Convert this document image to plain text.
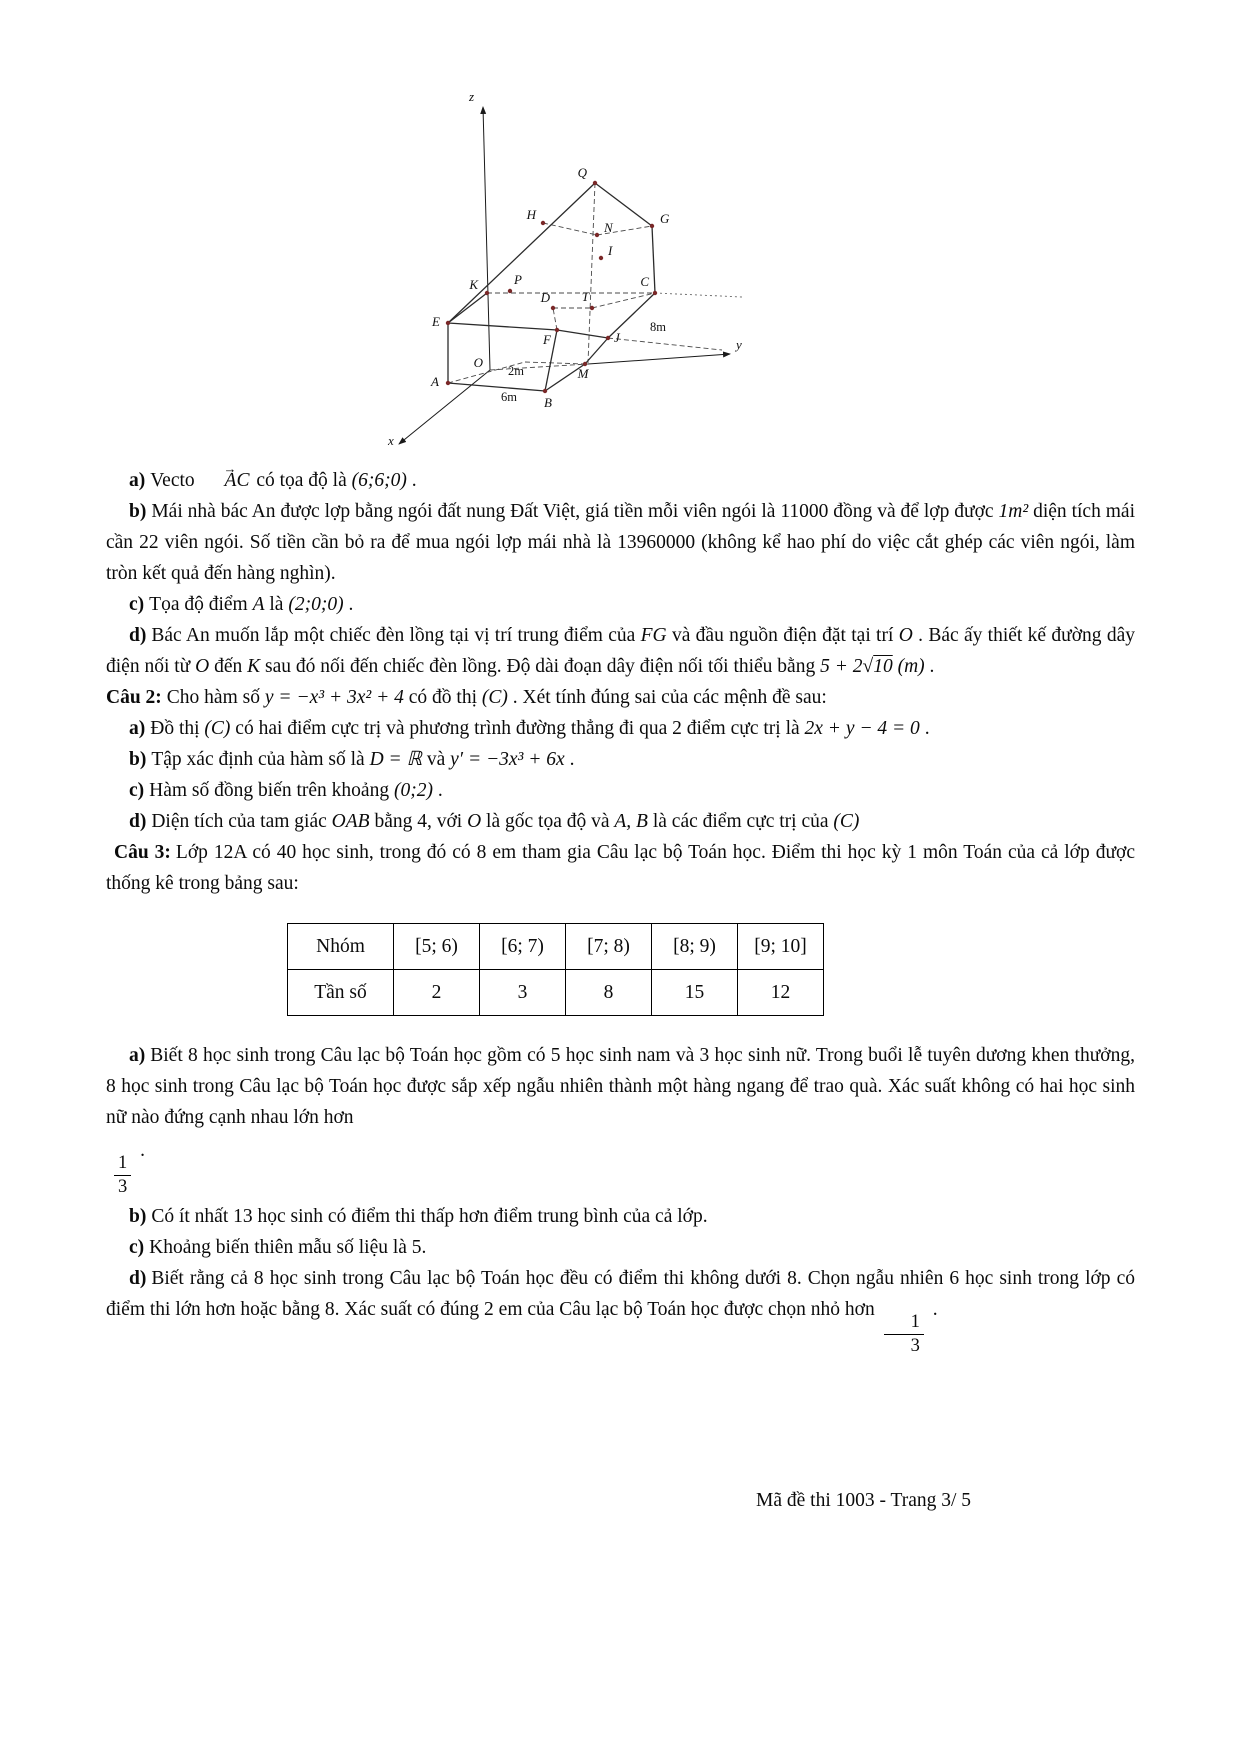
z
x
y
Q
H
N
G
I
K	P	C
D T
E
F	J
O
M
A
B
2m
6m
8m

a) Vecto → AC có tọa độ là (6;6;0) .

b) Mái nhà bác An được lợp bằng ngói đất nung Đất Việt, giá tiền mỗi viên ngói là 11000 đồng và để lợp được 1m² diện tích mái cần 22 viên ngói. Số tiền cần bỏ ra để mua ngói lợp mái nhà là 13960000 (không kể hao phí do việc cắt ghép các viên ngói, làm tròn kết quả đến hàng nghìn).

c) Tọa độ điểm A là (2;0;0) .

d) Bác An muốn lắp một chiếc đèn lồng tại vị trí trung điểm của FG và đầu nguồn điện đặt tại trí O . Bác ấy thiết kế đường dây điện nối từ O đến K sau đó nối đến chiếc đèn lồng. Độ dài đoạn dây điện nối tối thiểu bằng 5 + 2√10 (m) .

Câu 2: Cho hàm số y = −x³ + 3x² + 4 có đồ thị (C) . Xét tính đúng sai của các mệnh đề sau:

a) Đồ thị (C) có hai điểm cực trị và phương trình đường thẳng đi qua 2 điểm cực trị là 2x + y − 4 = 0 .

b) Tập xác định của hàm số là D = ℝ và y′ = −3x³ + 6x .

c) Hàm số đồng biến trên khoảng (0;2) .

d) Diện tích của tam giác OAB bằng 4, với O là gốc tọa độ và A, B là các điểm cực trị của (C)

Câu 3: Lớp 12A có 40 học sinh, trong đó có 8 em tham gia Câu lạc bộ Toán học. Điểm thi học kỳ 1 môn Toán của cả lớp được thống kê trong bảng sau:

Nhóm	[5; 6)	[6; 7)	[7; 8)	[8; 9)	[9; 10]
Tần số	2	3	8	15	12

a) Biết 8 học sinh trong Câu lạc bộ Toán học gồm có 5 học sinh nam và 3 học sinh nữ. Trong buổi lễ tuyên dương khen thưởng, 8 học sinh trong Câu lạc bộ Toán học được sắp xếp ngẫu nhiên thành một hàng ngang để trao quà. Xác suất không có hai học sinh nữ nào đứng cạnh nhau lớn hơn

$\frac{1}{3}$
.

b) Có ít nhất 13 học sinh có điểm thi thấp hơn điểm trung bình của cả lớp.

c) Khoảng biến thiên mẫu số liệu là 5.

d) Biết rằng cả 8 học sinh trong Câu lạc bộ Toán học đều có điểm thi không dưới 8. Chọn ngẫu nhiên 6 học sinh trong lớp có điểm thi lớn hơn hoặc bằng 8. Xác suất có đúng 2 em của Câu lạc bộ Toán học được chọn nhỏ hơn
$\frac{1}{3}$
.

Mã đề thi 1003 - Trang 3/ 5
